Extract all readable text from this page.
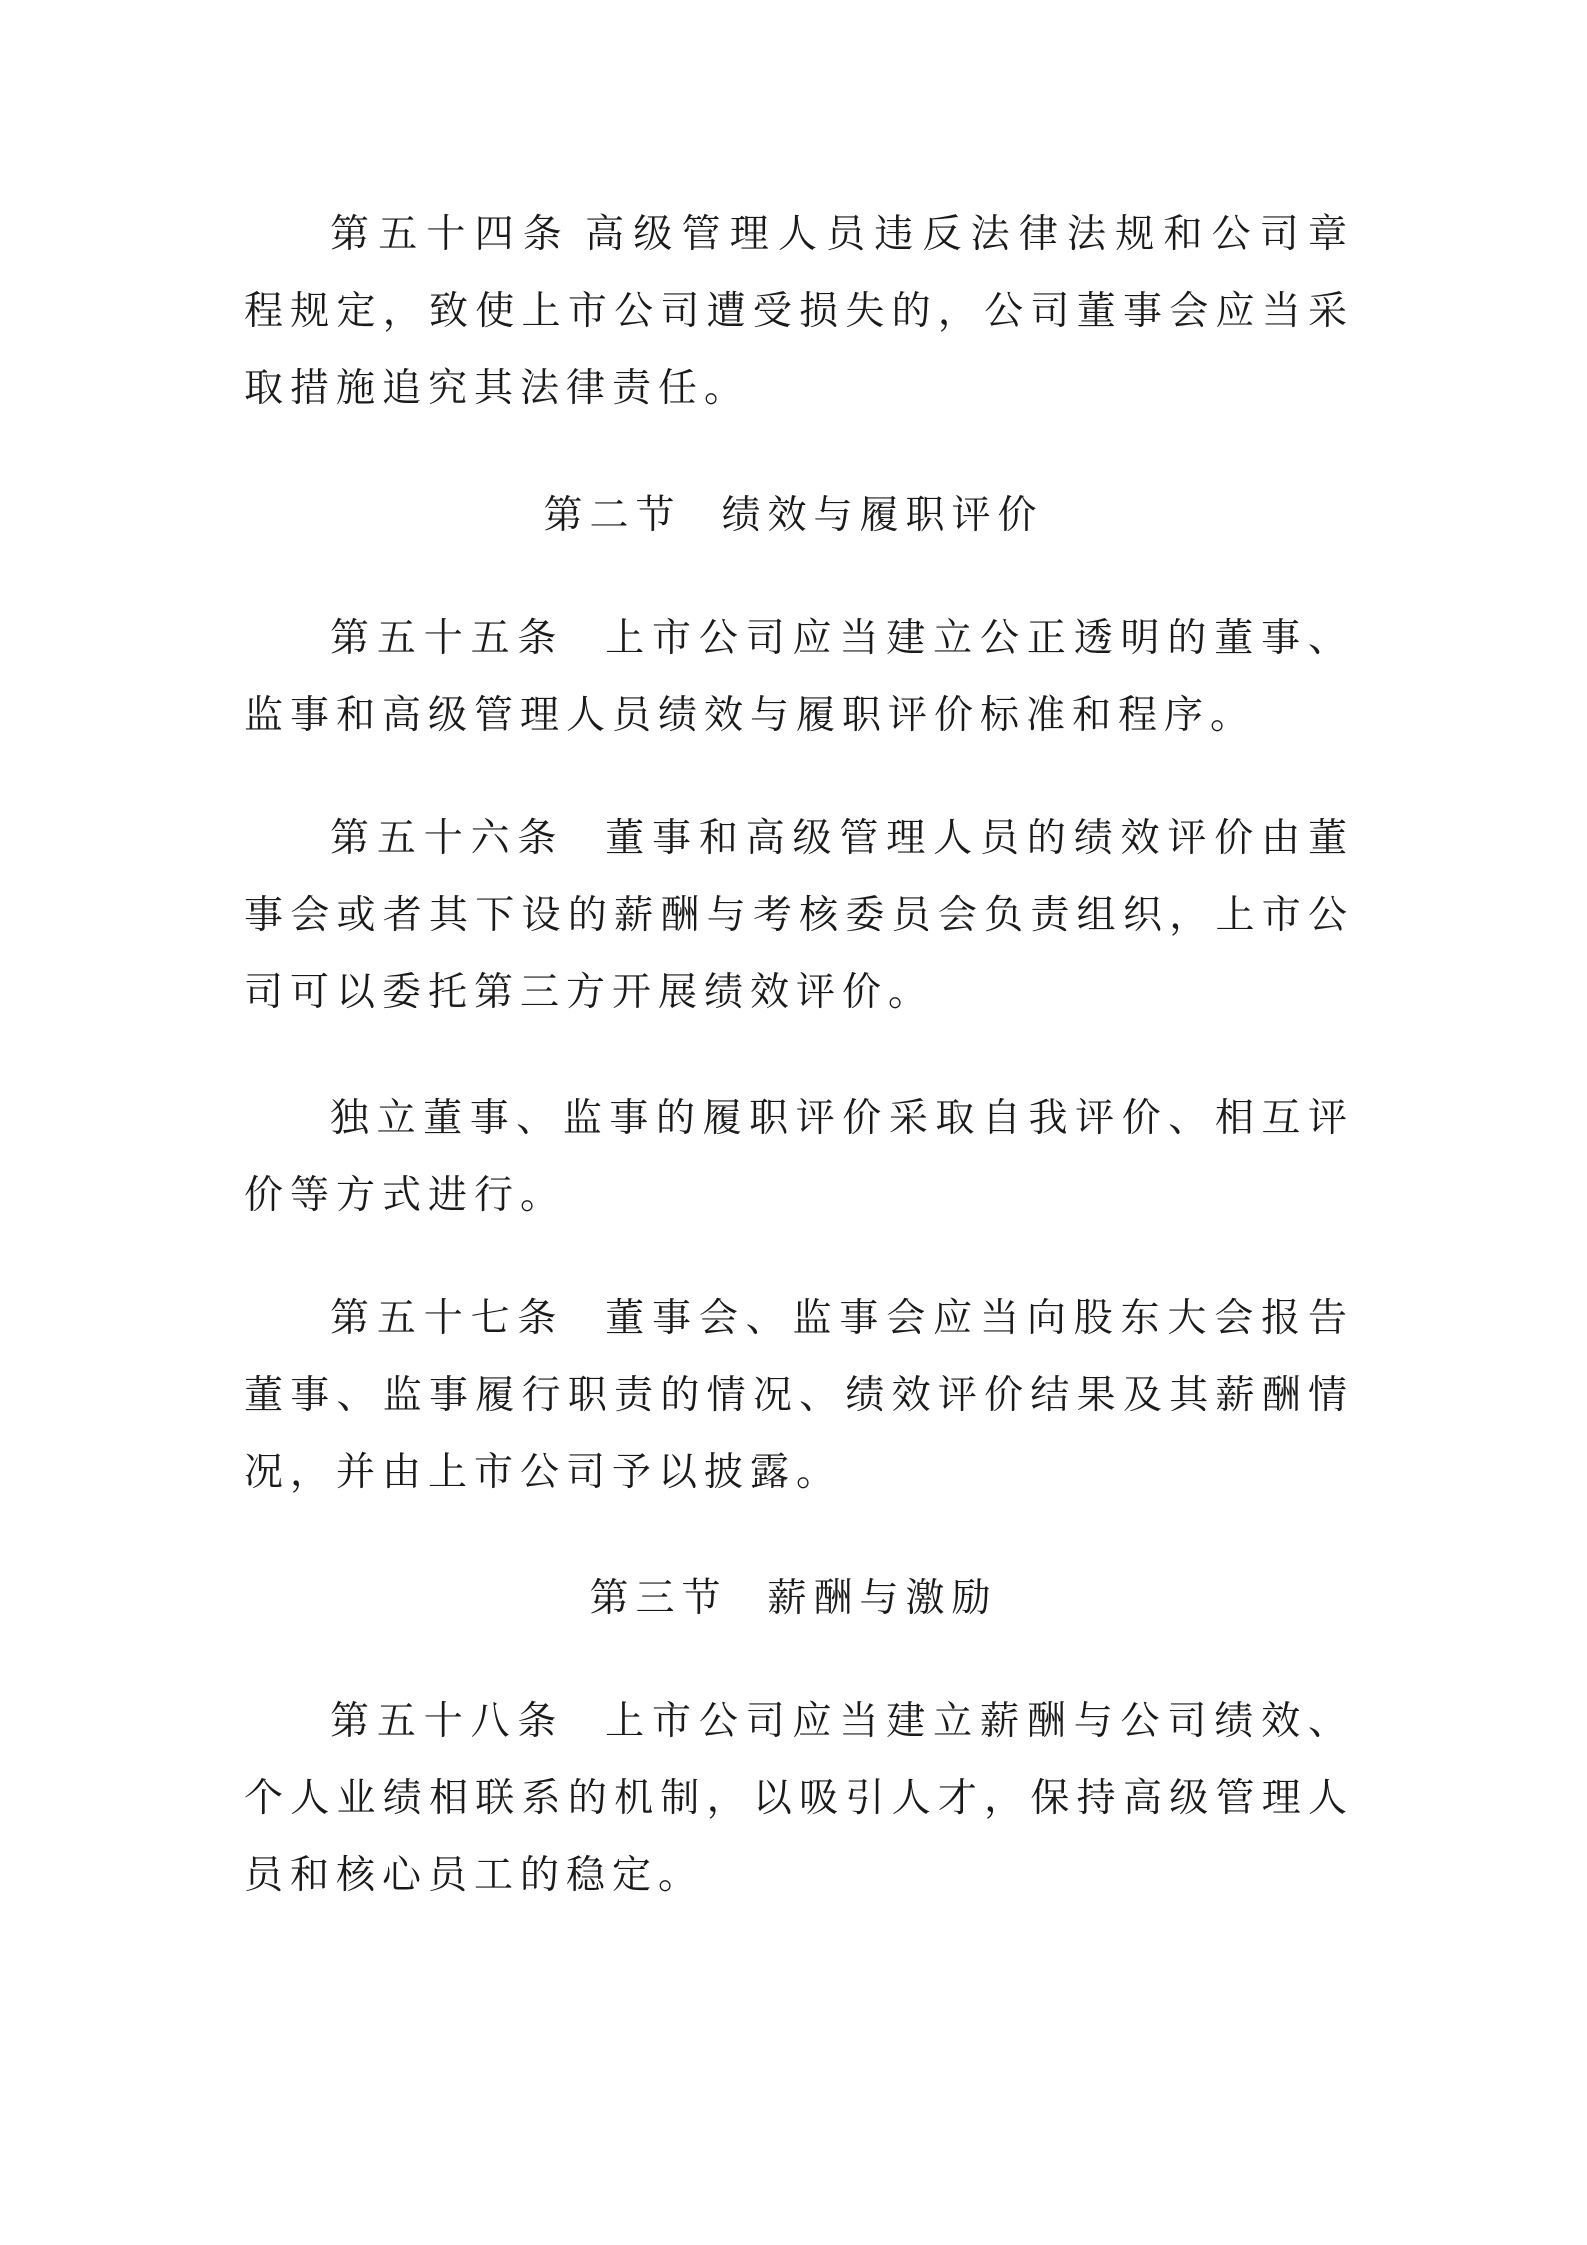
第五十四条 高级管理人员违反法律法规和公司章程规定，致使上市公司遭受损失的，公司董事会应当采取措施追究其法律责任。

第二节 绩效与履职评价

第五十五条 上市公司应当建立公正透明的董事、监事和高级管理人员绩效与履职评价标准和程序。

第五十六条 董事和高级管理人员的绩效评价由董事会或者其下设的薪酬与考核委员会负责组织，上市公司可以委托第三方开展绩效评价。

独立董事、监事的履职评价采取自我评价、相互评价等方式进行。

第五十七条 董事会、监事会应当向股东大会报告董事、监事履行职责的情况、绩效评价结果及其薪酬情况，并由上市公司予以披露。

第三节 薪酬与激励

第五十八条 上市公司应当建立薪酬与公司绩效、个人业绩相联系的机制，以吸引人才，保持高级管理人员和核心员工的稳定。
